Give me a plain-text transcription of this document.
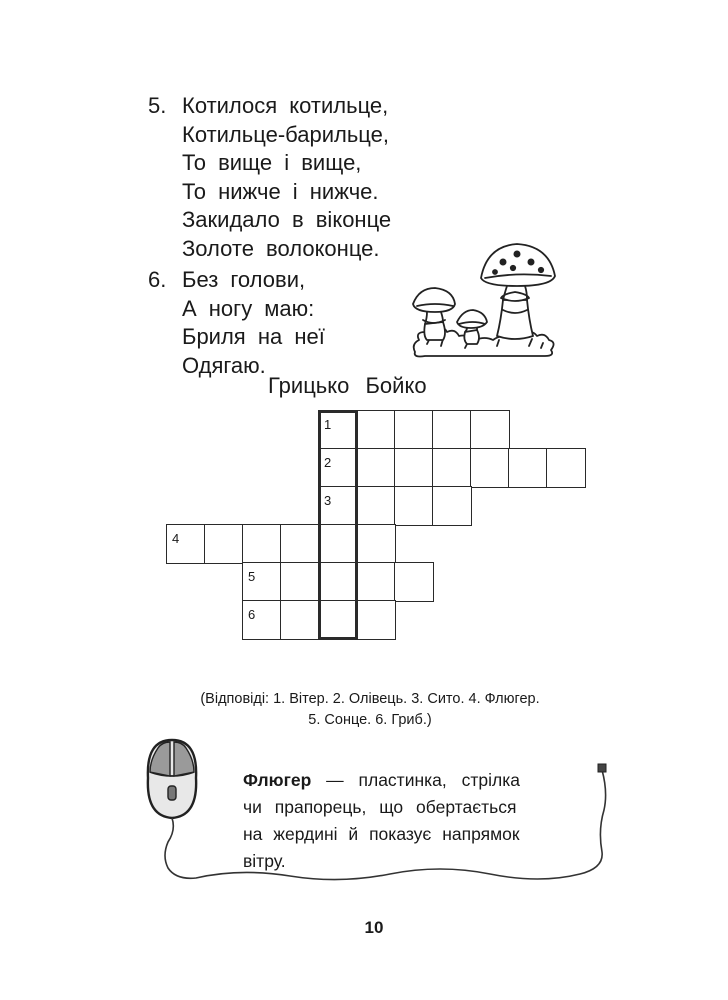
5. Котилося котильце,
Котильце-барильце,
То вище і вище,
То нижче і нижче.
Закидало в віконце
Золоте волоконце.
6. Без голови,
А ногу маю:
Бриля на неї
Одягаю.
Грицько Бойко
1
2
3
4
5
6
(Відповіді: 1. Вітер. 2. Олівець. 3. Сито. 4. Флюгер.
5. Сонце. 6. Гриб.)
Флюгер — пластинка, стрілка
чи прапорець, що обертається
на жердині й показує напрямок
вітру.
10
